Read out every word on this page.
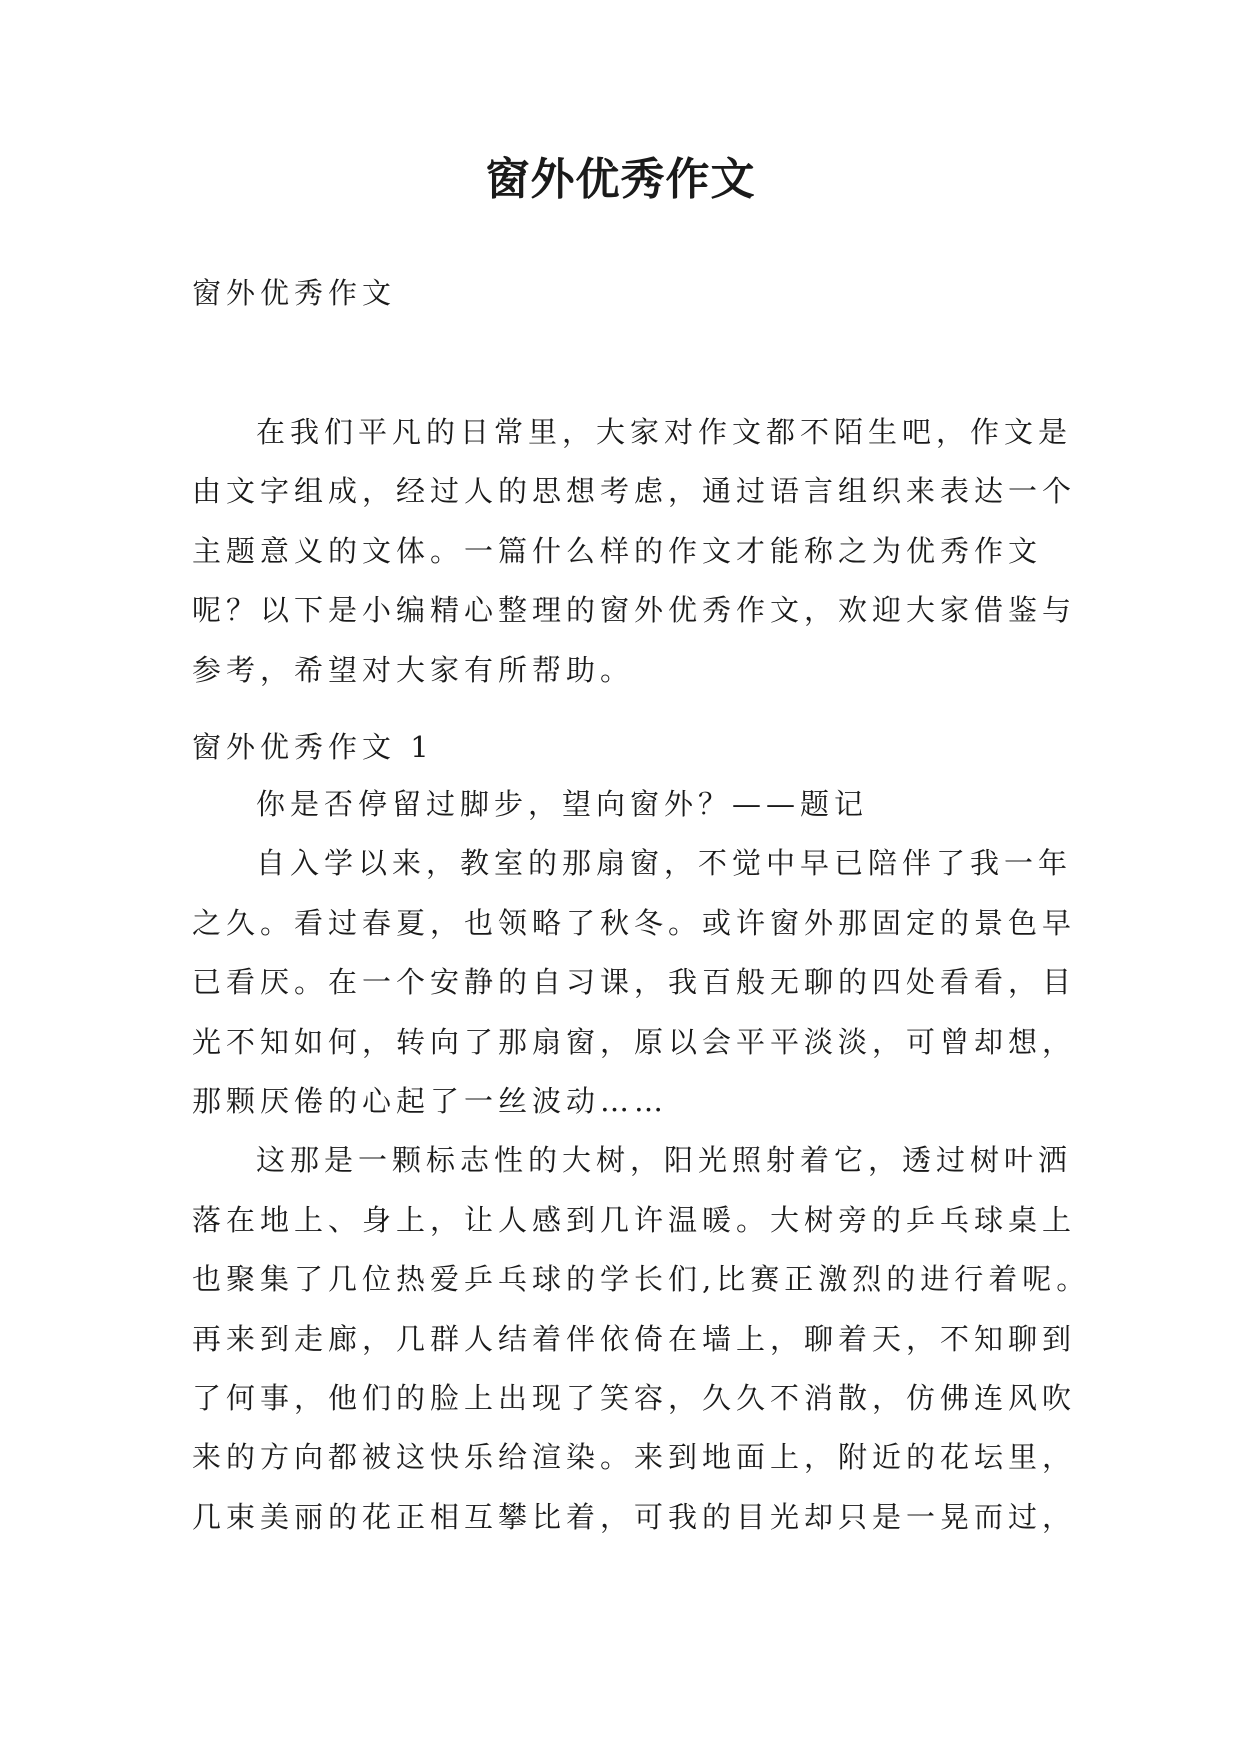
窗外优秀作文
窗外优秀作文
在我们平凡的日常里，大家对作文都不陌生吧，作文是
由文字组成，经过人的思想考虑，通过语言组织来表达一个
主题意义的文体。一篇什么样的作文才能称之为优秀作文
呢？以下是小编精心整理的窗外优秀作文，欢迎大家借鉴与
参考，希望对大家有所帮助。
窗外优秀作文 1
你是否停留过脚步，望向窗外？——题记
自入学以来，教室的那扇窗，不觉中早已陪伴了我一年
之久。看过春夏，也领略了秋冬。或许窗外那固定的景色早
已看厌。在一个安静的自习课，我百般无聊的四处看看，目
光不知如何，转向了那扇窗，原以会平平淡淡，可曾却想，
那颗厌倦的心起了一丝波动……
这那是一颗标志性的大树，阳光照射着它，透过树叶洒
落在地上、身上，让人感到几许温暖。大树旁的乒乓球桌上
也聚集了几位热爱乒乓球的学长们,比赛正激烈的进行着呢。
再来到走廊，几群人结着伴依倚在墙上，聊着天，不知聊到
了何事，他们的脸上出现了笑容，久久不消散，仿佛连风吹
来的方向都被这快乐给渲染。来到地面上，附近的花坛里，
几束美丽的花正相互攀比着，可我的目光却只是一晃而过，
